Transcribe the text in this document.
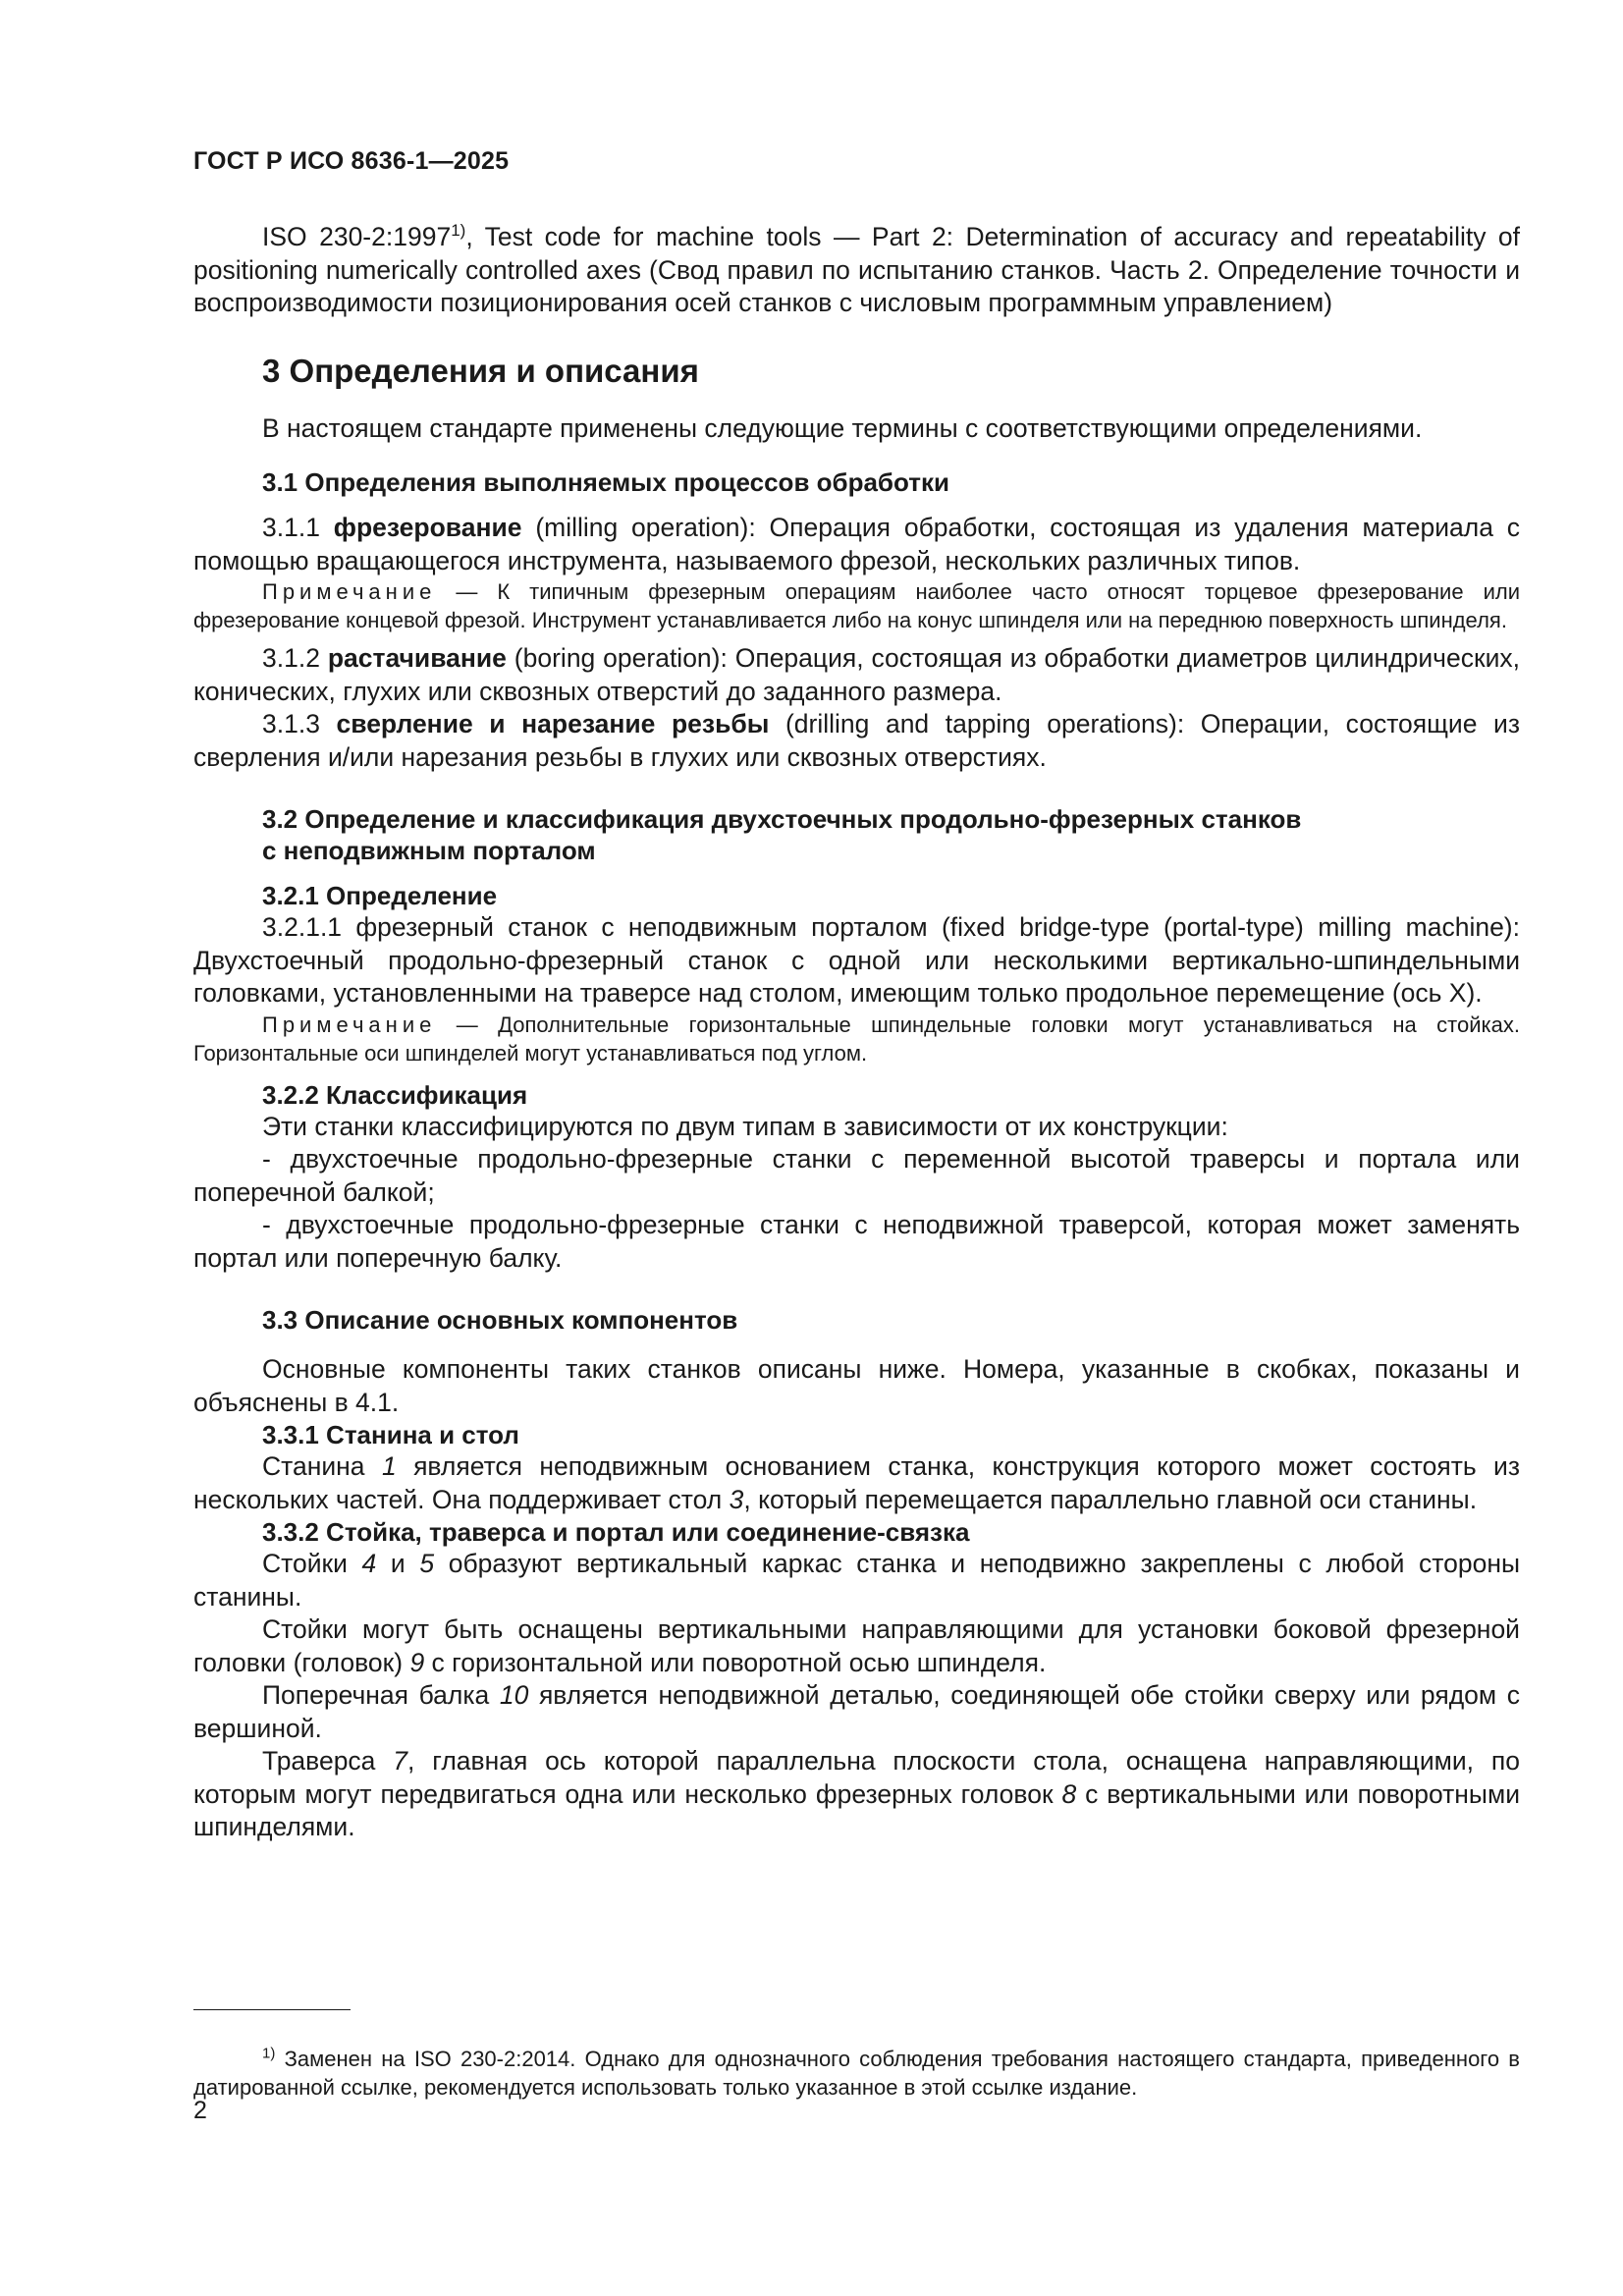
ГОСТ Р ИСО 8636-1—2025

ISO 230-2:1997$^{1)}$, Test code for machine tools — Part 2: Determination of accuracy and repeatability of positioning numerically controlled axes (Свод правил по испытанию станков. Часть 2. Определение точности и воспроизводимости позиционирования осей станков с числовым программным управлением)

3 Определения и описания

В настоящем стандарте применены следующие термины с соответствующими определениями.

3.1 Определения выполняемых процессов обработки

3.1.1 фрезерование (milling operation): Операция обработки, состоящая из удаления материала с помощью вращающегося инструмента, называемого фрезой, нескольких различных типов.

Примечание — К типичным фрезерным операциям наиболее часто относят торцевое фрезерование или фрезерование концевой фрезой. Инструмент устанавливается либо на конус шпинделя или на переднюю поверхность шпинделя.

3.1.2 растачивание (boring operation): Операция, состоящая из обработки диаметров цилиндрических, конических, глухих или сквозных отверстий до заданного размера.

3.1.3 сверление и нарезание резьбы (drilling and tapping operations): Операции, состоящие из сверления и/или нарезания резьбы в глухих или сквозных отверстиях.

3.2 Определение и классификация двухстоечных продольно-фрезерных станков
с неподвижным порталом
3.2.1 Определение

3.2.1.1 фрезерный станок с неподвижным порталом (fixed bridge-type (portal-type) milling machine): Двухстоечный продольно-фрезерный станок с одной или несколькими вертикально-шпиндельными головками, установленными на траверсе над столом, имеющим только продольное перемещение (ось X).

Примечание — Дополнительные горизонтальные шпиндельные головки могут устанавливаться на стойках. Горизонтальные оси шпинделей могут устанавливаться под углом.

3.2.2 Классификация

Эти станки классифицируются по двум типам в зависимости от их конструкции:

- двухстоечные продольно-фрезерные станки с переменной высотой траверсы и портала или поперечной балкой;

- двухстоечные продольно-фрезерные станки с неподвижной траверсой, которая может заменять портал или поперечную балку.

3.3 Описание основных компонентов

Основные компоненты таких станков описаны ниже. Номера, указанные в скобках, показаны и объяснены в 4.1.

3.3.1 Станина и стол

Станина 1 является неподвижным основанием станка, конструкция которого может состоять из нескольких частей. Она поддерживает стол 3, который перемещается параллельно главной оси станины.

3.3.2 Стойка, траверса и портал или соединение-связка

Стойки 4 и 5 образуют вертикальный каркас станка и неподвижно закреплены с любой стороны станины.

Стойки могут быть оснащены вертикальными направляющими для установки боковой фрезерной головки (головок) 9 с горизонтальной или поворотной осью шпинделя.

Поперечная балка 10 является неподвижной деталью, соединяющей обе стойки сверху или рядом с вершиной.

Траверса 7, главная ось которой параллельна плоскости стола, оснащена направляющими, по которым могут передвигаться одна или несколько фрезерных головок 8 с вертикальными или поворотными шпинделями.

$^{1)}$ Заменен на ISO 230-2:2014. Однако для однозначного соблюдения требования настоящего стандарта, приведенного в датированной ссылке, рекомендуется использовать только указанное в этой ссылке издание.

2
